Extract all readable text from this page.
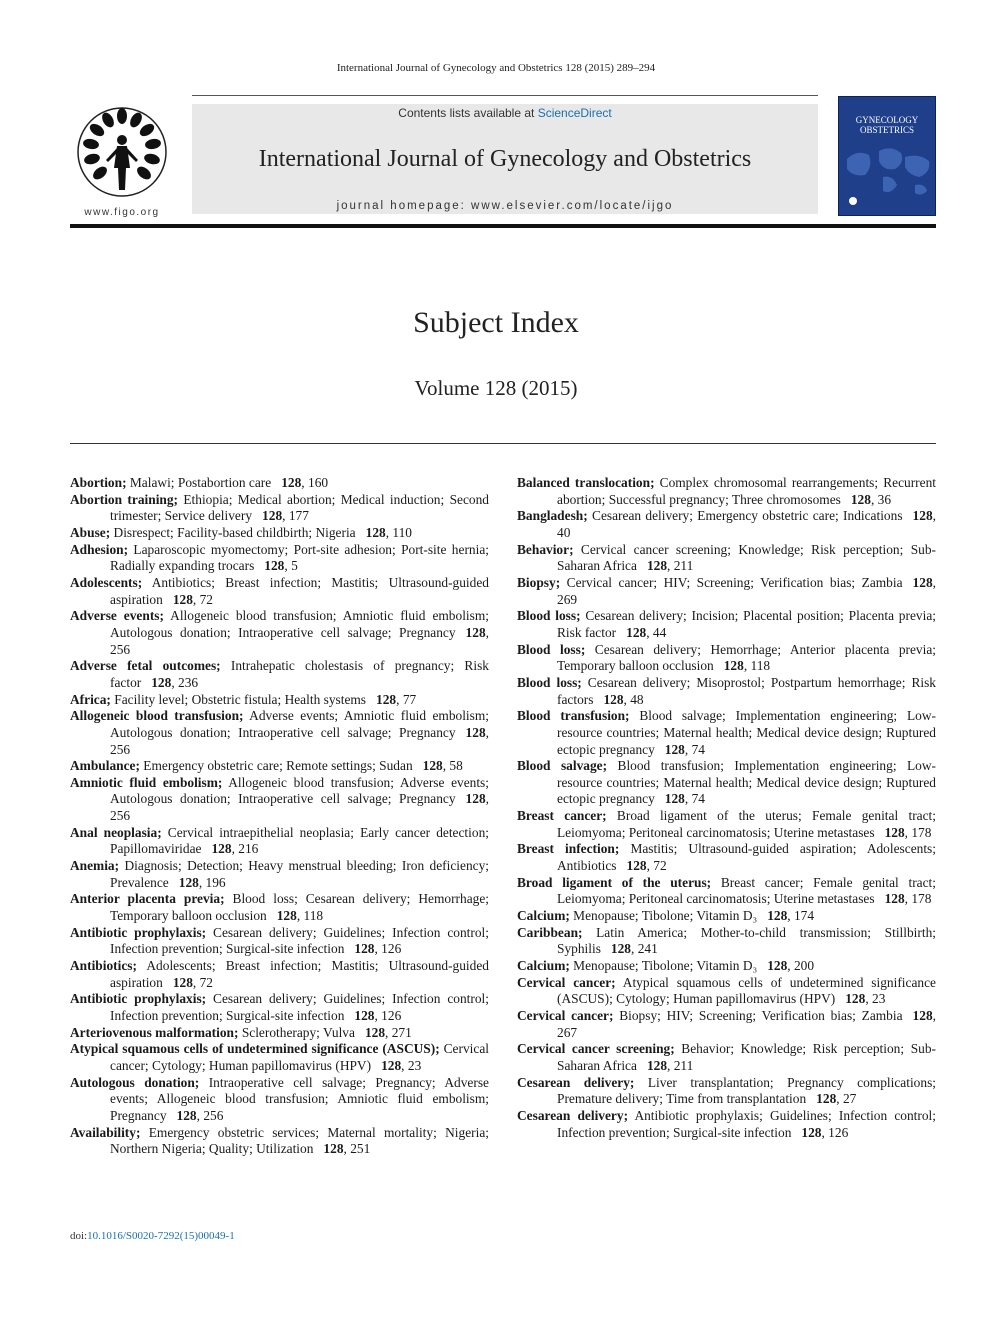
International Journal of Gynecology and Obstetrics 128 (2015) 289–294
www.figo.org
Contents lists available at ScienceDirect
International Journal of Gynecology and Obstetrics
journal homepage: www.elsevier.com/locate/ijgo
GYNECOLOGY OBSTETRICS
Subject Index
Volume 128 (2015)

Abortion; Malawi; Postabortion care 128, 160

Abortion training; Ethiopia; Medical abortion; Medical induction; Second trimester; Service delivery 128, 177

Abuse; Disrespect; Facility-based childbirth; Nigeria 128, 110

Adhesion; Laparoscopic myomectomy; Port-site adhesion; Port-site hernia; Radially expanding trocars 128, 5

Adolescents; Antibiotics; Breast infection; Mastitis; Ultrasound-guided aspiration 128, 72

Adverse events; Allogeneic blood transfusion; Amniotic fluid embolism; Autologous donation; Intraoperative cell salvage; Pregnancy 128, 256

Adverse fetal outcomes; Intrahepatic cholestasis of pregnancy; Risk factor 128, 236

Africa; Facility level; Obstetric fistula; Health systems 128, 77

Allogeneic blood transfusion; Adverse events; Amniotic fluid embolism; Autologous donation; Intraoperative cell salvage; Pregnancy 128, 256

Ambulance; Emergency obstetric care; Remote settings; Sudan 128, 58

Amniotic fluid embolism; Allogeneic blood transfusion; Adverse events; Autologous donation; Intraoperative cell salvage; Pregnancy 128, 256

Anal neoplasia; Cervical intraepithelial neoplasia; Early cancer detection; Papillomaviridae 128, 216

Anemia; Diagnosis; Detection; Heavy menstrual bleeding; Iron deficiency; Prevalence 128, 196

Anterior placenta previa; Blood loss; Cesarean delivery; Hemorrhage; Temporary balloon occlusion 128, 118

Antibiotic prophylaxis; Cesarean delivery; Guidelines; Infection control; Infection prevention; Surgical-site infection 128, 126

Antibiotics; Adolescents; Breast infection; Mastitis; Ultrasound-guided aspiration 128, 72

Antibiotic prophylaxis; Cesarean delivery; Guidelines; Infection control; Infection prevention; Surgical-site infection 128, 126

Arteriovenous malformation; Sclerotherapy; Vulva 128, 271

Atypical squamous cells of undetermined significance (ASCUS); Cervical cancer; Cytology; Human papillomavirus (HPV) 128, 23

Autologous donation; Intraoperative cell salvage; Pregnancy; Adverse events; Allogeneic blood transfusion; Amniotic fluid embolism; Pregnancy 128, 256

Availability; Emergency obstetric services; Maternal mortality; Nigeria; Northern Nigeria; Quality; Utilization 128, 251

Balanced translocation; Complex chromosomal rearrangements; Recurrent abortion; Successful pregnancy; Three chromosomes 128, 36

Bangladesh; Cesarean delivery; Emergency obstetric care; Indications 128, 40

Behavior; Cervical cancer screening; Knowledge; Risk perception; Sub-Saharan Africa 128, 211

Biopsy; Cervical cancer; HIV; Screening; Verification bias; Zambia 128, 269

Blood loss; Cesarean delivery; Incision; Placental position; Placenta previa; Risk factor 128, 44

Blood loss; Cesarean delivery; Hemorrhage; Anterior placenta previa; Temporary balloon occlusion 128, 118

Blood loss; Cesarean delivery; Misoprostol; Postpartum hemorrhage; Risk factors 128, 48

Blood transfusion; Blood salvage; Implementation engineering; Low-resource countries; Maternal health; Medical device design; Ruptured ectopic pregnancy 128, 74

Blood salvage; Blood transfusion; Implementation engineering; Low-resource countries; Maternal health; Medical device design; Ruptured ectopic pregnancy 128, 74

Breast cancer; Broad ligament of the uterus; Female genital tract; Leiomyoma; Peritoneal carcinomatosis; Uterine metastases 128, 178

Breast infection; Mastitis; Ultrasound-guided aspiration; Adolescents; Antibiotics 128, 72

Broad ligament of the uterus; Breast cancer; Female genital tract; Leiomyoma; Peritoneal carcinomatosis; Uterine metastases 128, 178

Calcium; Menopause; Tibolone; Vitamin D₃ 128, 174

Caribbean; Latin America; Mother-to-child transmission; Stillbirth; Syphilis 128, 241

Calcium; Menopause; Tibolone; Vitamin D₃ 128, 200

Cervical cancer; Atypical squamous cells of undetermined significance (ASCUS); Cytology; Human papillomavirus (HPV) 128, 23

Cervical cancer; Biopsy; HIV; Screening; Verification bias; Zambia 128, 267

Cervical cancer screening; Behavior; Knowledge; Risk perception; Sub-Saharan Africa 128, 211

Cesarean delivery; Liver transplantation; Pregnancy complications; Premature delivery; Time from transplantation 128, 27

Cesarean delivery; Antibiotic prophylaxis; Guidelines; Infection control; Infection prevention; Surgical-site infection 128, 126

doi:10.1016/S0020-7292(15)00049-1
